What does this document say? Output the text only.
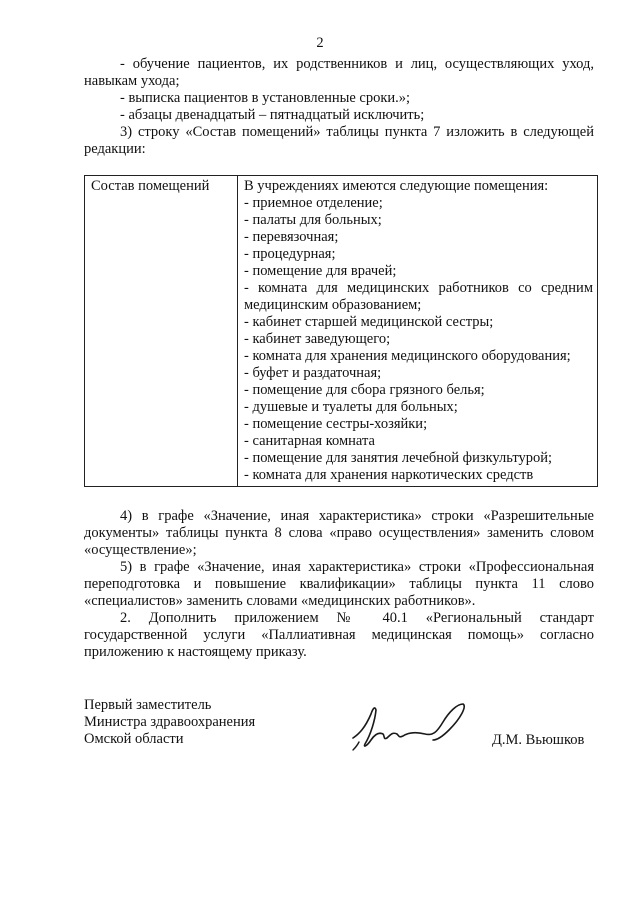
2

- обучение пациентов, их родственников и лиц, осуществляющих уход, навыкам ухода;

- выписка пациентов в установленные сроки.»;

- абзацы двенадцатый – пятнадцатый исключить;

3) строку «Состав помещений» таблицы пункта 7 изложить в следующей редакции:

Состав помещений	В учреждениях имеются следующие помещения:
- приемное отделение;
- палаты для больных;
- перевязочная;
- процедурная;
- помещение для врачей;
- комната для медицинских работников со средним медицинским образованием;
- кабинет старшей медицинской сестры;
- кабинет заведующего;
- комната для хранения медицинского оборудования;
- буфет и раздаточная;
- помещение для сбора грязного белья;
- душевые и туалеты для больных;
- помещение сестры-хозяйки;
- санитарная комната
- помещение для занятия лечебной физкультурой;
- комната для хранения наркотических средств

4) в графе «Значение, иная характеристика» строки «Разрешительные документы» таблицы пункта 8 слова «право осуществления» заменить словом «осуществление»;

5) в графе «Значение, иная характеристика» строки «Профессиональная переподготовка и повышение квалификации» таблицы пункта 11 слово «специалистов» заменить словами «медицинских работников».

2. Дополнить приложением № 40.1 «Региональный стандарт государственной услуги «Паллиативная медицинская помощь» согласно приложению к настоящему приказу.

Первый заместитель
Министра здравоохранения
Омской области	Д.М. Вьюшков
